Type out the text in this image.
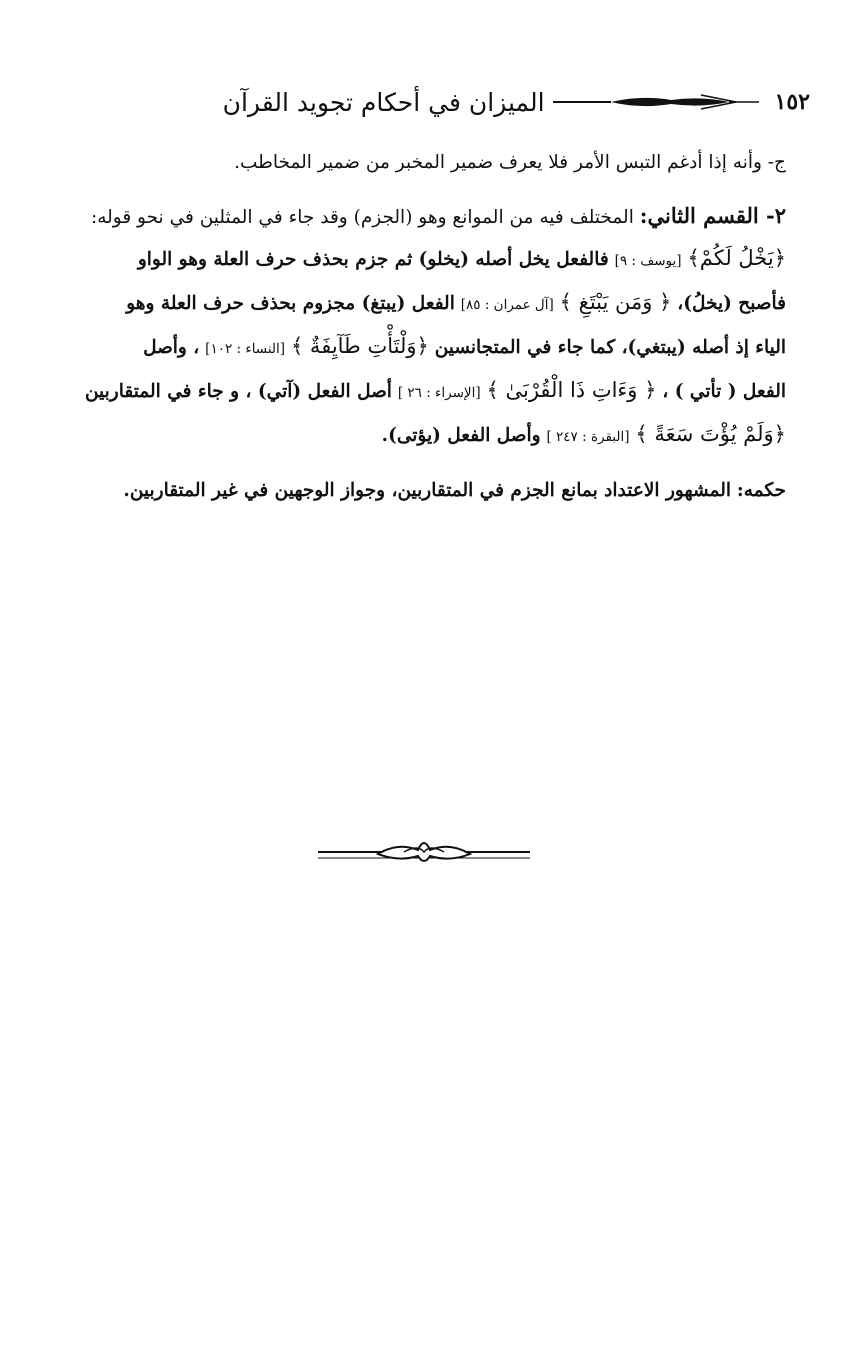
١٥٢
الميزان في أحكام تجويد القرآن
ج- وأنه إذا أدغم التبس الأمر فلا يعرف ضمير المخبر من ضمير المخاطب.
٢- القسم الثاني: المختلف فيه من الموانع وهو (الجزم) وقد جاء في المثلين في نحو قوله:
﴿يَخْلُ لَكُمْ﴾ [يوسف : ٩] فالفعل يخل أصله (يخلو) ثم جزم بحذف حرف العلة وهو الواو
فأصبح (يخلُ)، ﴿ وَمَن يَبْتَغِ ﴾ [آل عمران : ٨٥] الفعل (يبتغ) مجزوم بحذف حرف العلة وهو
الياء إذ أصله (يبتغي)، كما جاء في المتجانسين ﴿وَلْتَأْتِ طَآيِفَةٌ ﴾ [النساء : ١٠٢] ، وأصل
الفعل ( تأتي ) ، ﴿ وَءَاتِ ذَا الْقُرْبَىٰ ﴾ [الإسراء : ٢٦ ] أصل الفعل (آتي) ، و جاء في المتقاربين
﴿وَلَمْ يُؤْتَ سَعَةً ﴾ [البقرة : ٢٤٧ ] وأصل الفعل (يؤتى).
حكمه: المشهور الاعتداد بمانع الجزم في المتقاربين، وجواز الوجهين في غير المتقاربين.
